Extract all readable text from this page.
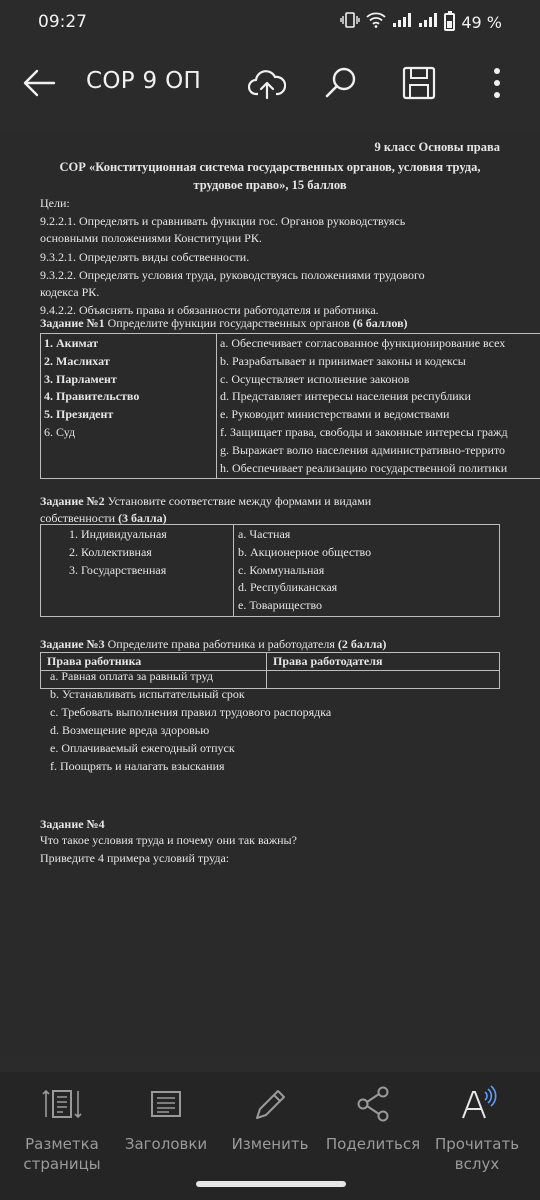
09:27	49 %
СОР 9 ОП
9 класс Основы права
СОР «Конституционная система государственных органов, условия труда,
трудовое право», 15 баллов
Цели:
9.2.2.1. Определять и сравнивать функции гос. Органов руководствуясь
основными положениями Конституции РК.
9.3.2.1. Определять виды собственности.
9.3.2.2. Определять условия труда, руководствуясь положениями трудового
кодекса РК.
9.4.2.2. Объяснять права и обязанности работодателя и работника.
Задание №1 Определите функции государственных органов (6 баллов)
1. Акимат
2. Маслихат
3. Парламент
4. Правительство
5. Президент
6. Суд

a. Обеспечивает согласованное функционирование всех
b. Разрабатывает и принимает законы и кодексы
c. Осуществляет исполнение законов
d. Представляет интересы населения республики
e. Руководит министерствами и ведомствами
f. Защищает права, свободы и законные интересы гражд
g. Выражает волю населения административно-террито
h. Обеспечивает реализацию государственной политики
Задание №2 Установите соответствие между формами и видами
собственности (3 балла)
1. Индивидуальная
2. Коллективная
3. Государственная

a. Частная
b. Акционерное общество
c. Коммунальная
d. Республиканская
e. Товарищество
Задание №3 Определите права работника и работодателя (2 балла)
Права работника	Права работодателя

a. Равная оплата за равный труд
b. Устанавливать испытательный срок
c. Требовать выполнения правил трудового распорядка
d. Возмещение вреда здоровью
e. Оплачиваемый ежегодный отпуск
f. Поощрять и налагать взыскания
Задание №4
Что такое условия труда и почему они так важны?
Приведите 4 примера условий труда:
Разметка
страницы
Заголовки	Изменить	Поделиться Прочитать
вслух
